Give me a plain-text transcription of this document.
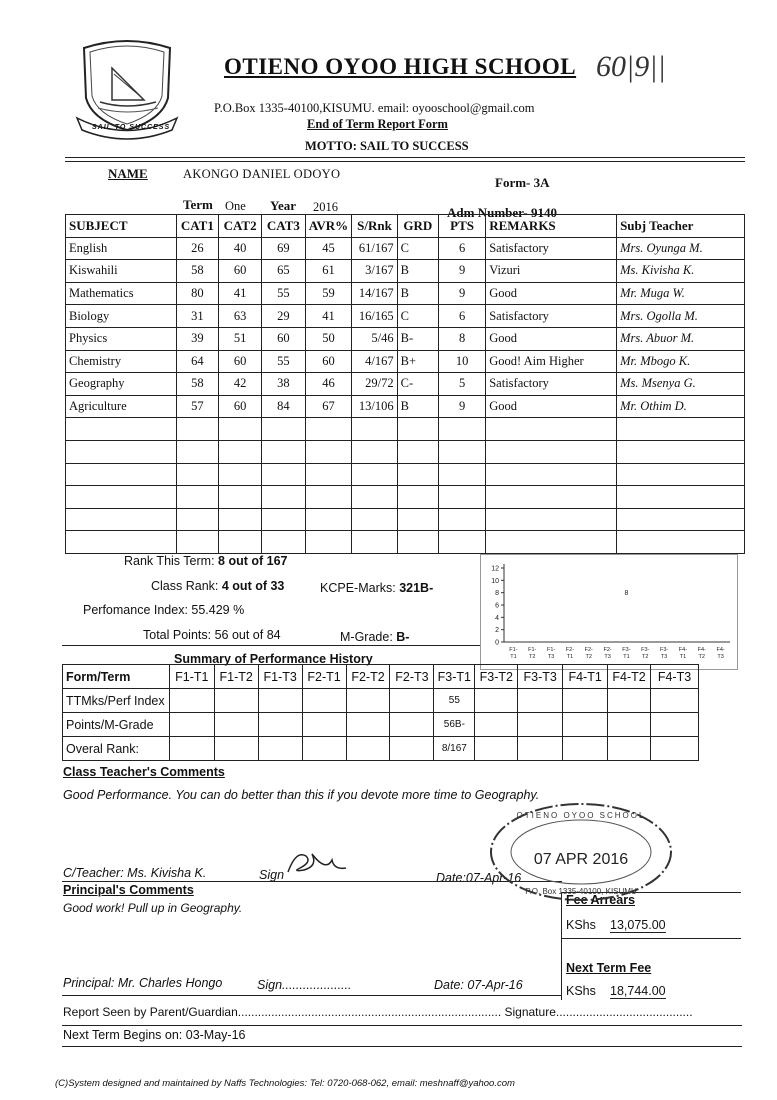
SAIL TO SUCCESS
OTIENO OYOO HIGH SCHOOL 60|9||
P.O.Box 1335-40100,KISUMU. email: oyooschool@gmail.com
End of Term Report Form
MOTTO: SAIL TO SUCCESS
NAME	AKONGO DANIEL ODOYO
Form- 3A
Term One Year 2016	Adm Number- 9140
SUBJECT	CAT1	CAT2	CAT3	AVR%	S/Rnk	GRD	PTS	REMARKS	Subj Teacher
English	26	40	69	45	61/167	C	6	Satisfactory	Mrs. Oyunga M.
Kiswahili	58	60	65	61	3/167	B	9	Vizuri	Ms. Kivisha K.
Mathematics	80	41	55	59	14/167	B	9	Good	Mr. Muga W.
Biology	31	63	29	41	16/165	C	6	Satisfactory	Mrs. Ogolla M.
Physics	39	51	60	50	5/46	B-	8	Good	Mrs. Abuor M.
Chemistry	64	60	55	60	4/167	B+	10	Good! Aim Higher	Mr. Mbogo K.
Geography	58	42	38	46	29/72	C-	5	Satisfactory	Ms. Msenya G.
Agriculture	57	60	84	67	13/106	B	9	Good	Mr. Othim D.

Rank This Term: 8 out of 167
Class Rank: 4 out of 33	KCPE-Marks: 321B-
Perfomance Index: 55.429 %
Total Points: 56 out of 84	M-Grade: B-	0
2
4
6
8
10
12
F1-
T1
F1-
T2
F1-
T3
F2-
T1
F2-
T2
F2-
T3
F3-
T1
8
F3-
T2
F3-
T3
F4-
T1
F4-
T2
F4-
T3
Summary of Performance History
Form/Term	F1-T1	F1-T2	F1-T3	F2-T1	F2-T2	F2-T3	F3-T1	F3-T2	F3-T3	F4-T1	F4-T2	F4-T3
TTMks/Perf Index							55					
Points/M-Grade							56B-					
Overal Rank:							8/167					
Class Teacher's Comments
Good Performance. You can do better than this if you devote more time to Geography.
C/Teacher: Ms. Kivisha K.	Sign	Date:07-Apr-16
Principal's Comments
Good work! Pull up in Geography.
Principal: Mr. Charles Hongo	Sign....................	Date: 07-Apr-16
Fee Arrears
KShs 13,075.00
Next Term Fee
KShs 18,744.00
07 APR 2016
OTIENO OYOO SCHOOL
P.O. Box 1335-40100, KISUMU
Report Seen by Parent/Guardian............................................................................... Signature.........................................
Next Term Begins on: 03-May-16
(C)System designed and maintained by Naffs Technologies: Tel: 0720-068-062, email: meshnaff@yahoo.com
